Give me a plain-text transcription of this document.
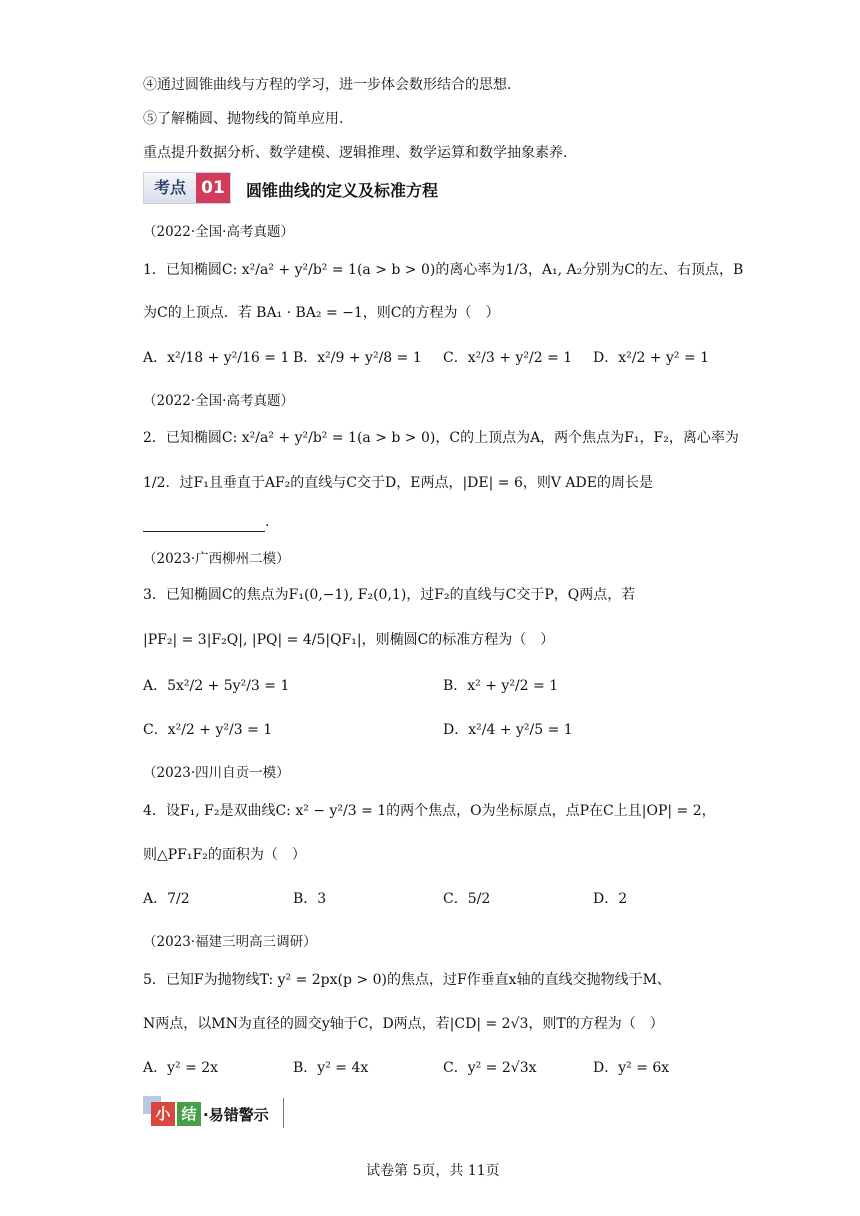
④通过圆锥曲线与方程的学习，进一步体会数形结合的思想.
⑤了解椭圆、抛物线的简单应用.
重点提升数据分析、数学建模、逻辑推理、数学运算和数学抽象素养.
考点 01	圆锥曲线的定义及标准方程
（2022·全国·高考真题）
1．已知椭圆C: x²/a² + y²/b² = 1(a > b > 0)的离心率为1/3，A₁, A₂分别为C的左、右顶点，B
为C的上顶点．若 BA₁ · BA₂ = −1，则C的方程为（　）
A．x²/18 + y²/16 = 1 B．x²/9 + y²/8 = 1 C．x²/3 + y²/2 = 1 D．x²/2 + y² = 1
（2022·全国·高考真题）
2．已知椭圆C: x²/a² + y²/b² = 1(a > b > 0)，C的上顶点为A，两个焦点为F₁，F₂，离心率为
1/2．过F₁且垂直于AF₂的直线与C交于D，E两点，|DE| = 6，则V ADE的周长是
.
（2023·广西柳州二模）
3．已知椭圆C的焦点为F₁(0,−1), F₂(0,1)，过F₂的直线与C交于P，Q两点，若
|PF₂| = 3|F₂Q|, |PQ| = 4/5|QF₁|，则椭圆C的标准方程为（　）
A．5x²/2 + 5y²/3 = 1	B．x² + y²/2 = 1
C．x²/2 + y²/3 = 1	D．x²/4 + y²/5 = 1
（2023·四川自贡一模）
4．设F₁, F₂是双曲线C: x² − y²/3 = 1的两个焦点，O为坐标原点，点P在C上且|OP| = 2，
则△PF₁F₂的面积为（　）
A．7/2	B．3	C．5/2	D．2
（2023·福建三明高三调研）
5．已知F为抛物线T: y² = 2px(p > 0)的焦点，过F作垂直x轴的直线交抛物线于M、
N两点，以MN为直径的圆交y轴于C，D两点，若|CD| = 2√3，则T的方程为（　）
A．y² = 2x	B．y² = 4x	C．y² = 2√3x	D．y² = 6x
小 结 ·易错警示
试卷第 5页，共 11页
